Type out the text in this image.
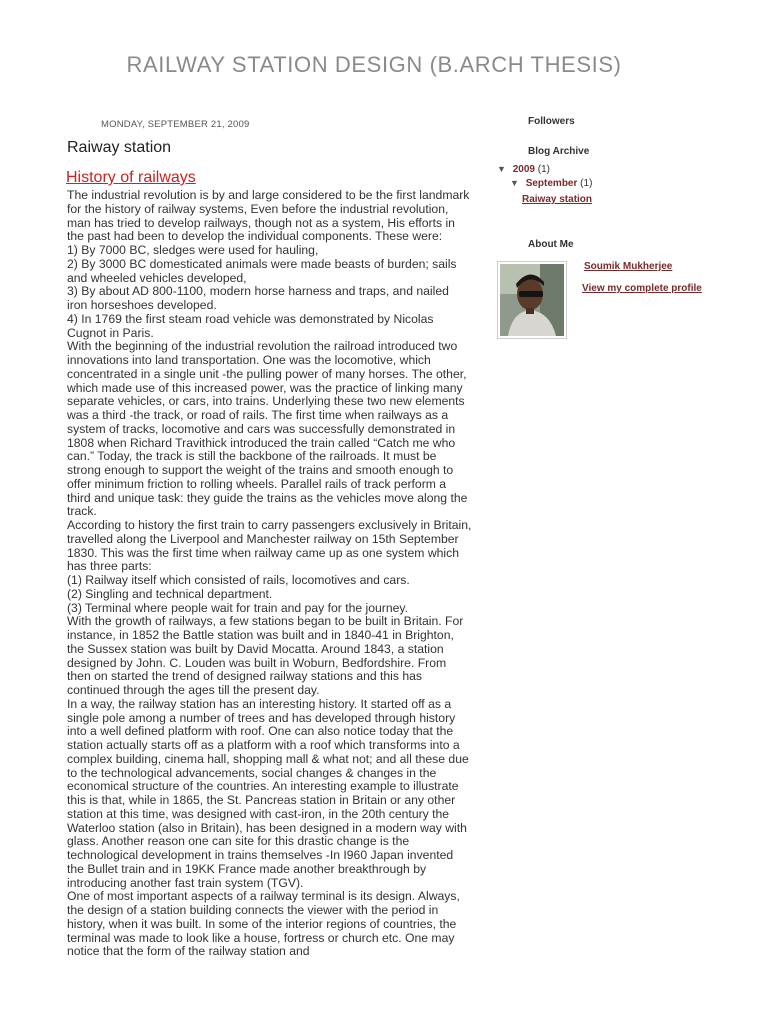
RAILWAY STATION DESIGN (B.ARCH THESIS)
MONDAY, SEPTEMBER 21, 2009
Raiway station
History of railways

The industrial revolution is by and large considered to be the first landmark for the history of railway systems, Even before the industrial revolution, man has tried to develop railways, though not as a system, His efforts in the past had been to develop the individual components. These were:

1) By 7000 BC, sledges were used for hauling,

2) By 3000 BC domesticated animals were made beasts of burden; sails and wheeled vehicles developed,

3) By about AD 800-1100, modern horse harness and traps, and nailed iron horseshoes developed.

4) In 1769 the first steam road vehicle was demonstrated by Nicolas Cugnot in Paris.

With the beginning of the industrial revolution the railroad introduced two innovations into land transportation. One was the locomotive, which concentrated in a single unit -the pulling power of many horses. The other, which made use of this increased power, was the practice of linking many separate vehicles, or cars, into trains. Underlying these two new elements was a third -the track, or road of rails. The first time when railways as a system of tracks, locomotive and cars was successfully demonstrated in 1808 when Richard Travithick introduced the train called “Catch me who can.” Today, the track is still the backbone of the railroads. It must be strong enough to support the weight of the trains and smooth enough to offer minimum friction to rolling wheels. Parallel rails of track perform a third and unique task: they guide the trains as the vehicles move along the track.

According to history the first train to carry passengers exclusively in Britain, travelled along the Liverpool and Manchester railway on 15th September 1830. This was the first time when railway came up as one system which has three parts:

(1) Railway itself which consisted of rails, locomotives and cars.

(2) Singling and technical department.

(3) Terminal where people wait for train and pay for the journey.

With the growth of railways, a few stations began to be built in Britain. For instance, in 1852 the Battle station was built and in 1840-41 in Brighton, the Sussex station was built by David Mocatta. Around 1843, a station designed by John. C. Louden was built in Woburn, Bedfordshire. From then on started the trend of designed railway stations and this has continued through the ages till the present day.

In a way, the railway station has an interesting history. It started off as a single pole among a number of trees and has developed through history into a well defined platform with roof. One can also notice today that the station actually starts off as a platform with a roof which transforms into a complex building, cinema hall, shopping mall & what not; and all these due to the technological advancements, social changes & changes in the economical structure of the countries. An interesting example to illustrate this is that, while in 1865, the St. Pancreas station in Britain or any other station at this time, was designed with cast-iron, in the 20th century the Waterloo station (also in Britain), has been designed in a modern way with glass. Another reason one can site for this drastic change is the technological development in trains themselves -In I960 Japan invented the Bullet train and in 19KK France made another breakthrough by introducing another fast train system (TGV).

One of most important aspects of a railway terminal is its design. Always, the design of a station building connects the viewer with the period in history, when it was built. In some of the interior regions of countries, the terminal was made to look like a house, fortress or church etc. One may notice that the form of the railway station and

Followers
Blog Archive
▼ 2009 (1)
▼ September (1)
Raiway station
About Me
Soumik Mukherjee
View my complete profile
